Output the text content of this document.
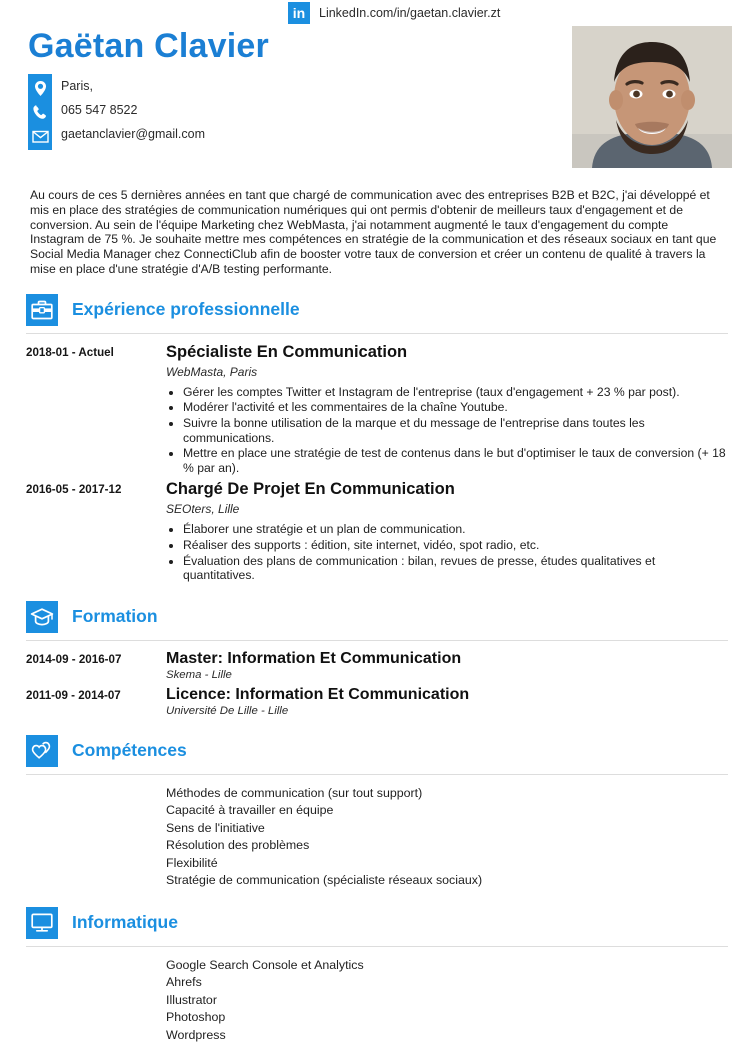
Gaëtan Clavier
Paris,
065 547 8522
gaetanclavier@gmail.com
in	LinkedIn.com/in/gaetan.clavier.zt
Au cours de ces 5 dernières années en tant que chargé de communication avec des entreprises B2B et B2C, j'ai développé et mis en place des stratégies de communication numériques qui ont permis d'obtenir de meilleurs taux d'engagement et de conversion. Au sein de l'équipe Marketing chez WebMasta, j'ai notamment augmenté le taux d'engagement du compte Instagram de 75 %. Je souhaite mettre mes compétences en stratégie de la communication et des réseaux sociaux en tant que Social Media Manager chez ConnectiClub afin de booster votre taux de conversion et créer un contenu de qualité à travers la mise en place d'une stratégie d'A/B testing performante.
Expérience professionnelle
2018-01 - Actuel	Spécialiste En Communication
WebMasta, Paris
• Gérer les comptes Twitter et Instagram de l'entreprise (taux d'engagement + 23 % par post).
• Modérer l'activité et les commentaires de la chaîne Youtube.
• Suivre la bonne utilisation de la marque et du message de l'entreprise dans toutes les communications.
• Mettre en place une stratégie de test de contenus dans le but d'optimiser le taux de conversion (+ 18 % par an).
2016-05 - 2017-12	Chargé De Projet En Communication
SEOters, Lille
• Élaborer une stratégie et un plan de communication.
• Réaliser des supports : édition, site internet, vidéo, spot radio, etc.
• Évaluation des plans de communication : bilan, revues de presse, études qualitatives et quantitatives.
Formation
2014-09 - 2016-07	Master: Information Et Communication
Skema - Lille
2011-09 - 2014-07	Licence: Information Et Communication
Université De Lille - Lille
Compétences
Méthodes de communication (sur tout support)
Capacité à travailler en équipe
Sens de l'initiative
Résolution des problèmes
Flexibilité
Stratégie de communication (spécialiste réseaux sociaux)
Informatique
Google Search Console et Analytics
Ahrefs
Illustrator
Photoshop
Wordpress
